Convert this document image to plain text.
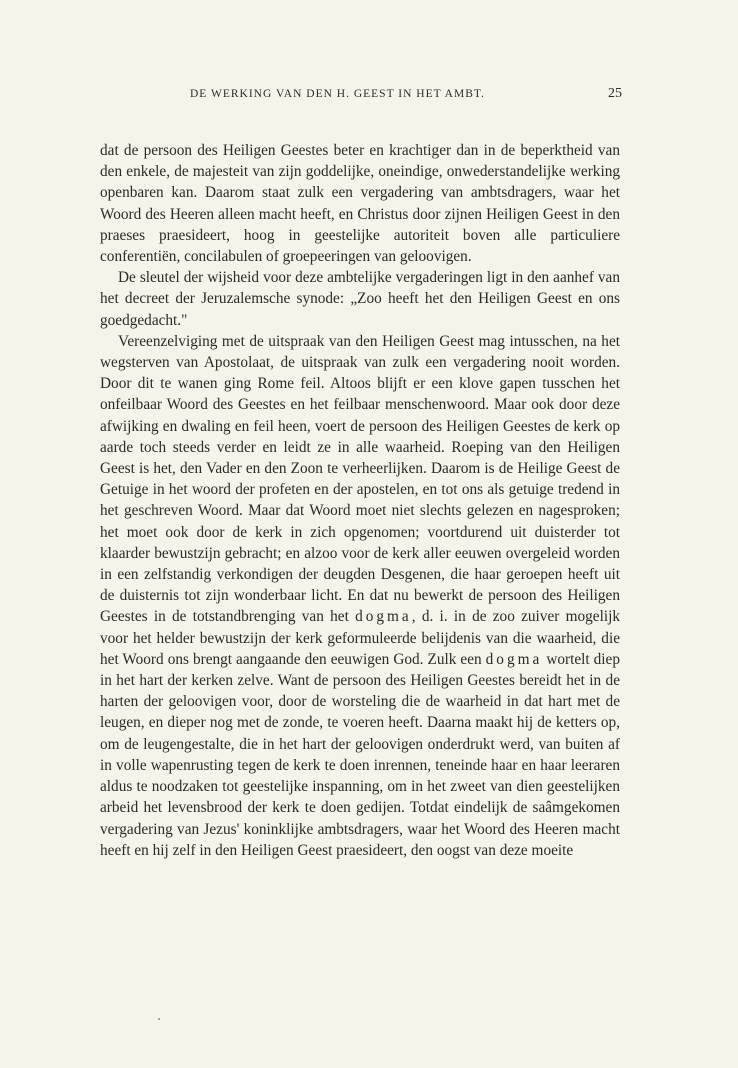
DE WERKING VAN DEN H. GEEST IN HET AMBT.	25

dat de persoon des Heiligen Geestes beter en krachtiger dan in de beperktheid van den enkele, de majesteit van zijn goddelijke, oneindige, onwederstandelijke werking openbaren kan. Daarom staat zulk een vergadering van ambtsdragers, waar het Woord des Heeren alleen macht heeft, en Christus door zijnen Heiligen Geest in den praeses praesideert, hoog in geestelijke autoriteit boven alle particuliere conferentiën, concilabulen of groepeeringen van geloovigen.

De sleutel der wijsheid voor deze ambtelijke vergaderingen ligt in den aanhef van het decreet der Jeruzalemsche synode: „Zoo heeft het den Heiligen Geest en ons goedgedacht."

Vereenzelviging met de uitspraak van den Heiligen Geest mag intusschen, na het wegsterven van Apostolaat, de uitspraak van zulk een vergadering nooit worden. Door dit te wanen ging Rome feil. Altoos blijft er een klove gapen tusschen het onfeilbaar Woord des Geestes en het feilbaar menschenwoord. Maar ook door deze afwijking en dwaling en feil heen, voert de persoon des Heiligen Geestes de kerk op aarde toch steeds verder en leidt ze in alle waarheid. Roeping van den Heiligen Geest is het, den Vader en den Zoon te verheerlijken. Daarom is de Heilige Geest de Getuige in het woord der profeten en der apostelen, en tot ons als getuige tredend in het geschreven Woord. Maar dat Woord moet niet slechts gelezen en nagesproken; het moet ook door de kerk in zich opgenomen; voortdurend uit duisterder tot klaarder bewustzijn gebracht; en alzoo voor de kerk aller eeuwen overgeleid worden in een zelfstandig verkondigen der deugden Desgenen, die haar geroepen heeft uit de duisternis tot zijn wonderbaar licht. En dat nu bewerkt de persoon des Heiligen Geestes in de totstandbrenging van het dogma, d. i. in de zoo zuiver mogelijk voor het helder bewustzijn der kerk geformuleerde belijdenis van die waarheid, die het Woord ons brengt aangaande den eeuwigen God. Zulk een dogma wortelt diep in het hart der kerken zelve. Want de persoon des Heiligen Geestes bereidt het in de harten der geloovigen voor, door de worsteling die de waarheid in dat hart met de leugen, en dieper nog met de zonde, te voeren heeft. Daarna maakt hij de ketters op, om de leugengestalte, die in het hart der geloovigen onderdrukt werd, van buiten af in volle wapenrusting tegen de kerk te doen inrennen, teneinde haar en haar leeraren aldus te noodzaken tot geestelijke inspanning, om in het zweet van dien geestelijken arbeid het levensbrood der kerk te doen gedijen. Totdat eindelijk de saâmgekomen vergadering van Jezus' koninklijke ambtsdragers, waar het Woord des Heeren macht heeft en hij zelf in den Heiligen Geest praesideert, den oogst van deze moeite
